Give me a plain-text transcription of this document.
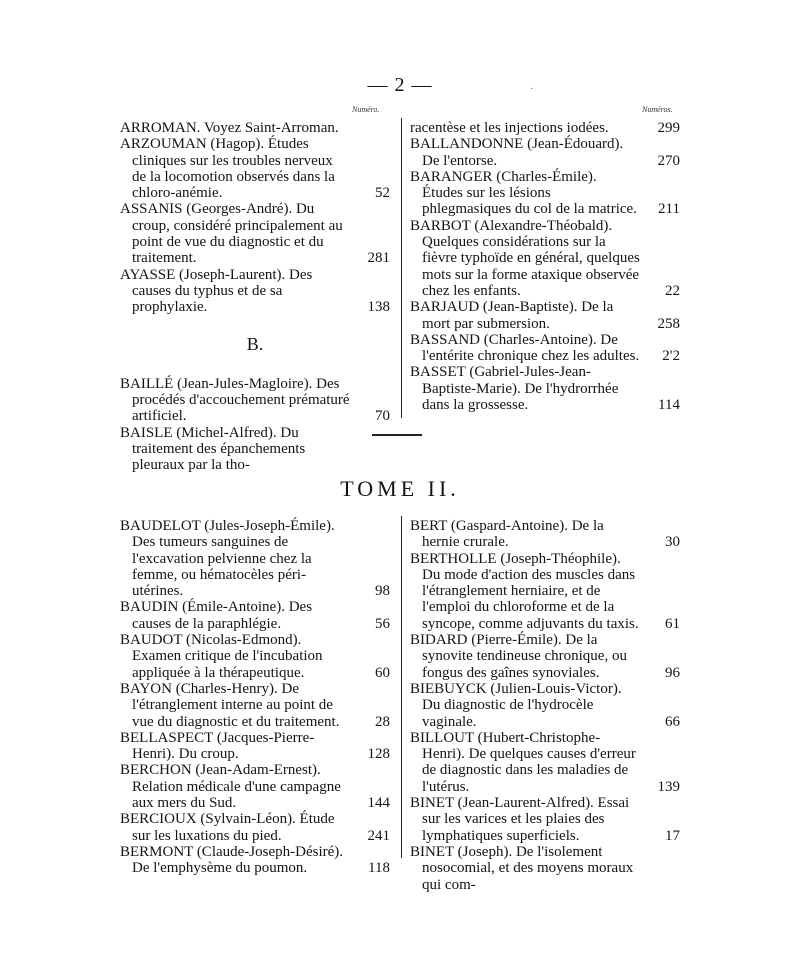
— 2 —	·
Numéro.	Numéros.
ARROMAN. Voyez Saint-Arroman.
ARZOUMAN (Hagop). Études cliniques sur les troubles nerveux de la locomotion observés dans la chloro-anémie.	52
ASSANIS (Georges-André). Du croup, considéré principalement au point de vue du diagnostic et du traitement.	281
AYASSE (Joseph-Laurent). Des causes du typhus et de sa prophylaxie.	138
B.
BAILLÉ (Jean-Jules-Magloire). Des procédés d'accouchement prématuré artificiel.	70
BAISLE (Michel-Alfred). Du traitement des épanchements pleuraux par la tho-
racentèse et les injections iodées.	299
BALLANDONNE (Jean-Édouard). De l'entorse.	270
BARANGER (Charles-Émile). Études sur les lésions phlegmasiques du col de la matrice. 211
BARBOT (Alexandre-Théobald). Quelques considérations sur la fièvre typhoïde en général, quelques mots sur la forme ataxique observée chez les enfants.	22
BARJAUD (Jean-Baptiste). De la mort par submersion.	258
BASSAND (Charles-Antoine). De l'entérite chronique chez les adultes. 2'2
BASSET (Gabriel-Jules-Jean-Baptiste-Marie). De l'hydrorrhée dans la grossesse.	114
TOME II.
BAUDELOT (Jules-Joseph-Émile). Des tumeurs sanguines de l'excavation pelvienne chez la femme, ou hématocèles péri-utérines.	98
BAUDIN (Émile-Antoine). Des causes de la paraphlégie.	56
BAUDOT (Nicolas-Edmond). Examen critique de l'incubation appliquée à la thérapeutique.	60
BAYON (Charles-Henry). De l'étranglement interne au point de vue du diagnostic et du traitement. 28
BELLASPECT (Jacques-Pierre-Henri). Du croup.	128
BERCHON (Jean-Adam-Ernest). Relation médicale d'une campagne aux mers du Sud.	144
BERCIOUX (Sylvain-Léon). Étude sur les luxations du pied.	241
BERMONT (Claude-Joseph-Désiré). De l'emphysème du poumon.	118
BERT (Gaspard-Antoine). De la hernie crurale.	30
BERTHOLLE (Joseph-Théophile). Du mode d'action des muscles dans l'étranglement herniaire, et de l'emploi du chloroforme et de la syncope, comme adjuvants du taxis. 61
BIDARD (Pierre-Émile). De la synovite tendineuse chronique, ou fongus des gaînes synoviales.	96
BIEBUYCK (Julien-Louis-Victor). Du diagnostic de l'hydrocèle vaginale.	66
BILLOUT (Hubert-Christophe-Henri). De quelques causes d'erreur de diagnostic dans les maladies de l'utérus.	139
BINET (Jean-Laurent-Alfred). Essai sur les varices et les plaies des lymphatiques superficiels.	17
BINET (Joseph). De l'isolement nosocomial, et des moyens moraux qui com-
